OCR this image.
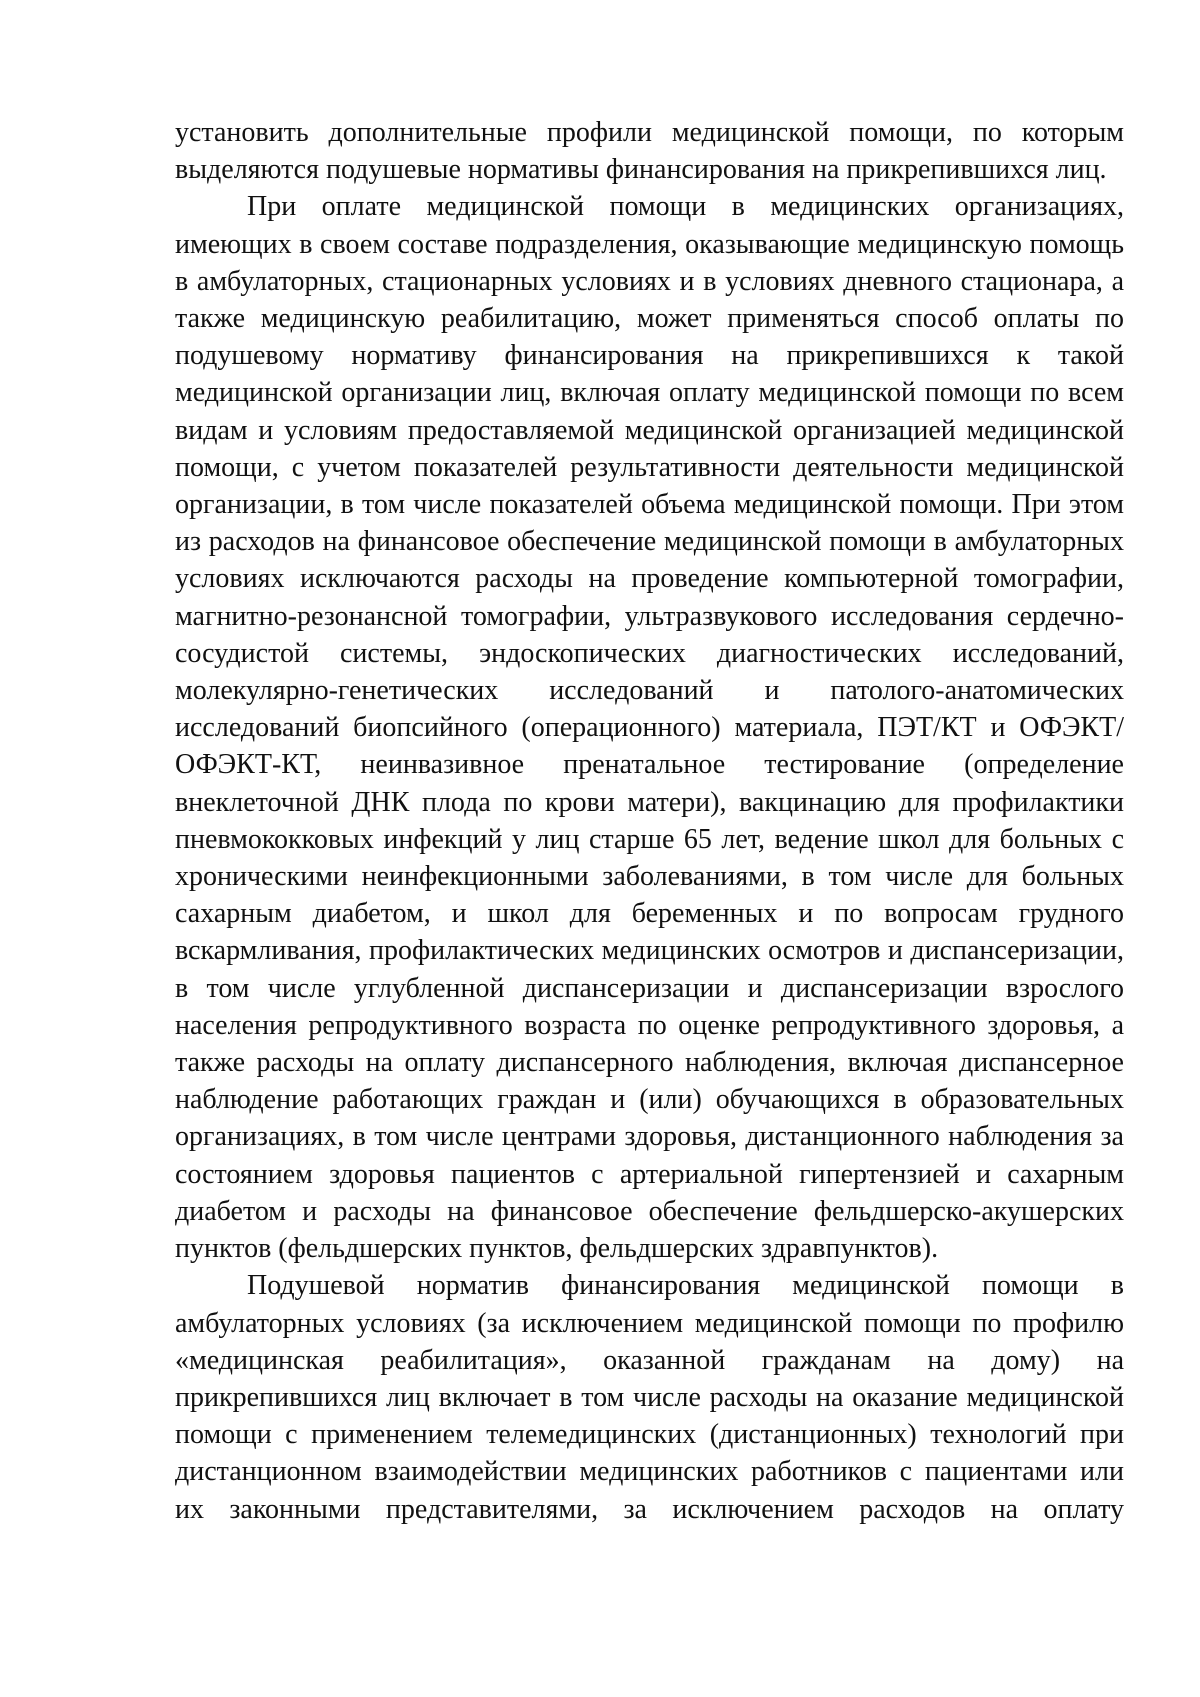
установить дополнительные профили медицинской помощи, по которым выделяются подушевые нормативы финансирования на прикрепившихся лиц.

При оплате медицинской помощи в медицинских организациях, имеющих в своем составе подразделения, оказывающие медицинскую помощь в амбулаторных, стационарных условиях и в условиях дневного стационара, а также медицинскую реабилитацию, может применяться способ оплаты по подушевому нормативу финансирования на прикрепившихся к такой медицинской организации лиц, включая оплату медицинской помощи по всем видам и условиям предоставляемой медицинской организацией медицинской помощи, с учетом показателей результативности деятельности медицинской организации, в том числе показателей объема медицинской помощи. При этом из расходов на финансовое обеспечение медицинской помощи в амбулаторных условиях исключаются расходы на проведение компьютерной томографии, магнитно-резонансной томографии, ультразвукового исследования сердечно-сосудистой системы, эндоскопических диагностических исследований, молекулярно-генетических исследований и патолого-анатомических исследований биопсийного (операционного) материала, ПЭТ/КТ и ОФЭКТ/ОФЭКТ-КТ, неинвазивное пренатальное тестирование (определение внеклеточной ДНК плода по крови матери), вакцинацию для профилактики пневмококковых инфекций у лиц старше 65 лет, ведение школ для больных с хроническими неинфекционными заболеваниями, в том числе для больных сахарным диабетом, и школ для беременных и по вопросам грудного вскармливания, профилактических медицинских осмотров и диспансеризации, в том числе углубленной диспансеризации и диспансеризации взрослого населения репродуктивного возраста по оценке репродуктивного здоровья, а также расходы на оплату диспансерного наблюдения, включая диспансерное наблюдение работающих граждан и (или) обучающихся в образовательных организациях, в том числе центрами здоровья, дистанционного наблюдения за состоянием здоровья пациентов с артериальной гипертензией и сахарным диабетом и расходы на финансовое обеспечение фельдшерско-акушерских пунктов (фельдшерских пунктов, фельдшерских здравпунктов).

Подушевой норматив финансирования медицинской помощи в амбулаторных условиях (за исключением медицинской помощи по профилю «медицинская реабилитация», оказанной гражданам на дому) на прикрепившихся лиц включает в том числе расходы на оказание медицинской помощи с применением телемедицинских (дистанционных) технологий при дистанционном взаимодействии медицинских работников с пациентами или их законными представителями, за исключением расходов на оплату
